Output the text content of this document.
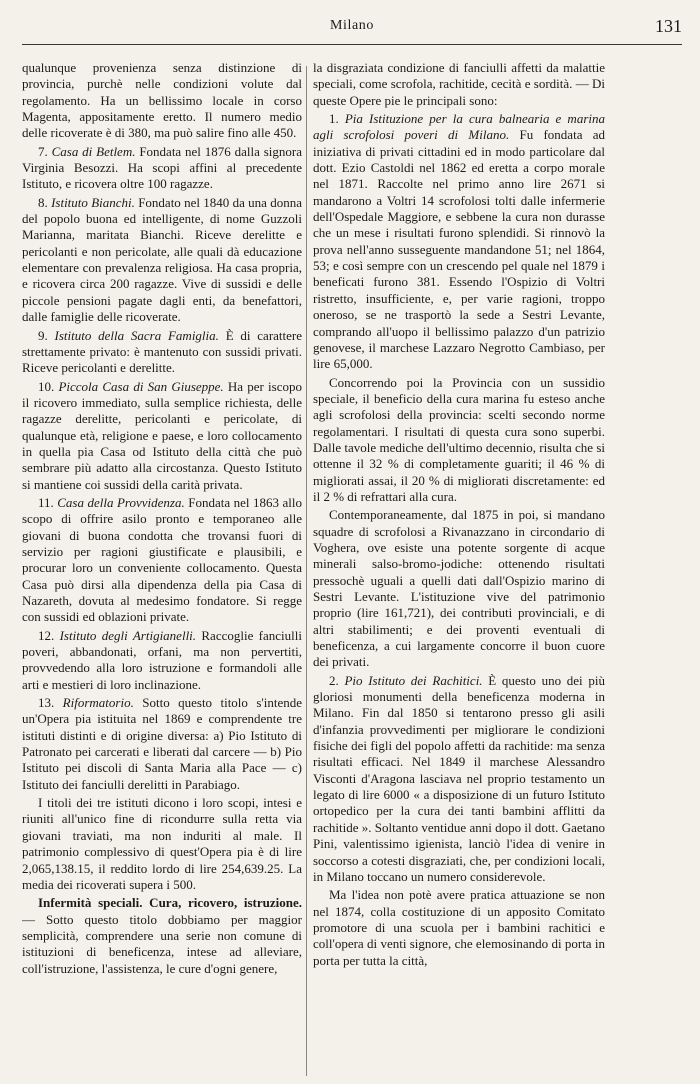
Milano	131

qualunque provenienza senza distinzione di provincia, purchè nelle condizioni volute dal regolamento. Ha un bellissimo locale in corso Magenta, appositamente eretto. Il numero medio delle ricoverate è di 380, ma può salire fino alle 450.

7. Casa di Betlem. Fondata nel 1876 dalla signora Virginia Besozzi. Ha scopi affini al precedente Istituto, e ricovera oltre 100 ragazze.

8. Istituto Bianchi. Fondato nel 1840 da una donna del popolo buona ed intelligente, di nome Guzzoli Marianna, maritata Bianchi. Riceve derelitte e pericolanti e non pericolate, alle quali dà educazione elementare con prevalenza religiosa. Ha casa propria, e ricovera circa 200 ragazze. Vive di sussidi e delle piccole pensioni pagate dagli enti, da benefattori, dalle famiglie delle ricoverate.

9. Istituto della Sacra Famiglia. È di carattere strettamente privato: è mantenuto con sussidi privati. Riceve pericolanti e derelitte.

10. Piccola Casa di San Giuseppe. Ha per iscopo il ricovero immediato, sulla semplice richiesta, delle ragazze derelitte, pericolanti e pericolate, di qualunque età, religione e paese, e loro collocamento in quella pia Casa od Istituto della città che può sembrare più adatto alla circostanza. Questo Istituto si mantiene coi sussidi della carità privata.

11. Casa della Provvidenza. Fondata nel 1863 allo scopo di offrire asilo pronto e temporaneo alle giovani di buona condotta che trovansi fuori di servizio per ragioni giustificate e plausibili, e procurar loro un conveniente collocamento. Questa Casa può dirsi alla dipendenza della pia Casa di Nazareth, dovuta al medesimo fondatore. Si regge con sussidi ed oblazioni private.

12. Istituto degli Artigianelli. Raccoglie fanciulli poveri, abbandonati, orfani, ma non pervertiti, provvedendo alla loro istruzione e formandoli alle arti e mestieri di loro inclinazione.

13. Riformatorio. Sotto questo titolo s'intende un'Opera pia istituita nel 1869 e comprendente tre istituti distinti e di origine diversa: a) Pio Istituto di Patronato pei carcerati e liberati dal carcere — b) Pio Istituto pei discoli di Santa Maria alla Pace — c) Istituto dei fanciulli derelitti in Parabiago.

I titoli dei tre istituti dicono i loro scopi, intesi e riuniti all'unico fine di ricondurre sulla retta via giovani traviati, ma non induriti al male. Il patrimonio complessivo di quest'Opera pia è di lire 2,065,138.15, il reddito lordo di lire 254,639.25. La media dei ricoverati supera i 500.

Infermità speciali. Cura, ricovero, istruzione. — Sotto questo titolo dobbiamo per maggior semplicità, comprendere una serie non comune di istituzioni di beneficenza, intese ad alleviare, coll'istruzione, l'assistenza, le cure d'ogni genere,

la disgraziata condizione di fanciulli affetti da malattie speciali, come scrofola, rachitide, cecità e sordità. — Di queste Opere pie le principali sono:

1. Pia Istituzione per la cura balnearia e marina agli scrofolosi poveri di Milano. Fu fondata ad iniziativa di privati cittadini ed in modo particolare dal dott. Ezio Castoldi nel 1862 ed eretta a corpo morale nel 1871. Raccolte nel primo anno lire 2671 si mandarono a Voltri 14 scrofolosi tolti dalle infermerie dell'Ospedale Maggiore, e sebbene la cura non durasse che un mese i risultati furono splendidi. Si rinnovò la prova nell'anno susseguente mandandone 51; nel 1864, 53; e così sempre con un crescendo pel quale nel 1879 i beneficati furono 381. Essendo l'Ospizio di Voltri ristretto, insufficiente, e, per varie ragioni, troppo oneroso, se ne trasportò la sede a Sestri Levante, comprando all'uopo il bellissimo palazzo d'un patrizio genovese, il marchese Lazzaro Negrotto Cambiaso, per lire 65,000.

Concorrendo poi la Provincia con un sussidio speciale, il beneficio della cura marina fu esteso anche agli scrofolosi della provincia: scelti secondo norme regolamentari. I risultati di questa cura sono superbi. Dalle tavole mediche dell'ultimo decennio, risulta che si ottenne il 32 % di completamente guariti; il 46 % di migliorati assai, il 20 % di migliorati discretamente: ed il 2 % di refrattari alla cura.

Contemporaneamente, dal 1875 in poi, si mandano squadre di scrofolosi a Rivanazzano in circondario di Voghera, ove esiste una potente sorgente di acque minerali salso-bromo-jodiche: ottenendo risultati pressochè uguali a quelli dati dall'Ospizio marino di Sestri Levante. L'istituzione vive del patrimonio proprio (lire 161,721), dei contributi provinciali, e di altri stabilimenti; e dei proventi eventuali di beneficenza, a cui largamente concorre il buon cuore dei privati.

2. Pio Istituto dei Rachitici. È questo uno dei più gloriosi monumenti della beneficenza moderna in Milano. Fin dal 1850 si tentarono presso gli asili d'infanzia provvedimenti per migliorare le condizioni fisiche dei figli del popolo affetti da rachitide: ma senza risultati efficaci. Nel 1849 il marchese Alessandro Visconti d'Aragona lasciava nel proprio testamento un legato di lire 6000 « a disposizione di un futuro Istituto ortopedico per la cura dei tanti bambini afflitti da rachitide ». Soltanto ventidue anni dopo il dott. Gaetano Pini, valentissimo igienista, lanciò l'idea di venire in soccorso a cotesti disgraziati, che, per condizioni locali, in Milano toccano un numero considerevole.

Ma l'idea non potè avere pratica attuazione se non nel 1874, colla costituzione di un apposito Comitato promotore di una scuola per i bambini rachitici e coll'opera di venti signore, che elemosinando di porta in porta per tutta la città,
